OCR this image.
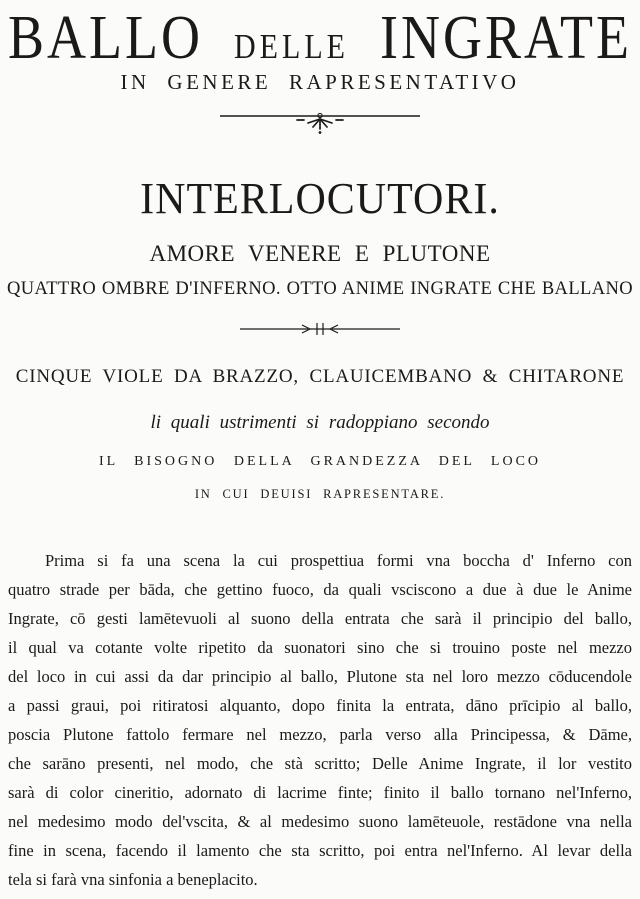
BALLO DELLE INGRATE
IN GENERE RAPRESENTATIVO
INTERLOCUTORI.
AMORE VENERE E PLUTONE
QUATTRO OMBRE D'INFERNO. OTTO ANIME INGRATE CHE BALLANO
CINQUE VIOLE DA BRAZZO, CLAUICEMBANO & CHITARONE
li quali ustrimenti si radoppiano secondo
IL BISOGNO DELLA GRANDEZZA DEL LOCO
IN CUI DEUISI RAPRESENTARE.
Prima si fa una scena la cui prospettiua formi vna boccha d' Inferno con
quatro strade per bāda, che gettino fuoco, da quali vsciscono a due à due le Anime
Ingrate, cō gesti lamētevuoli al suono della entrata che sarà il principio del ballo,
il qual va cotante volte ripetito da suonatori sino che si trouino poste nel mezzo
del loco in cui assi da dar principio al ballo, Plutone sta nel loro mezzo cōducendole
a passi graui, poi ritiratosi alquanto, dopo finita la entrata, dāno prīcipio al ballo,
poscia Plutone fattolo fermare nel mezzo, parla verso alla Principessa, & Dāme,
che sarāno presenti, nel modo, che stà scritto; Delle Anime Ingrate, il lor vestito
sarà di color cineritio, adornato di lacrime finte; finito il ballo tornano nel'Inferno,
nel medesimo modo del'vscita, & al medesimo suono lamēteuole, restādone vna nella
fine in scena, facendo il lamento che sta scritto, poi entra nel'Inferno. Al levar della
tela si farà vna sinfonia a beneplacito.
